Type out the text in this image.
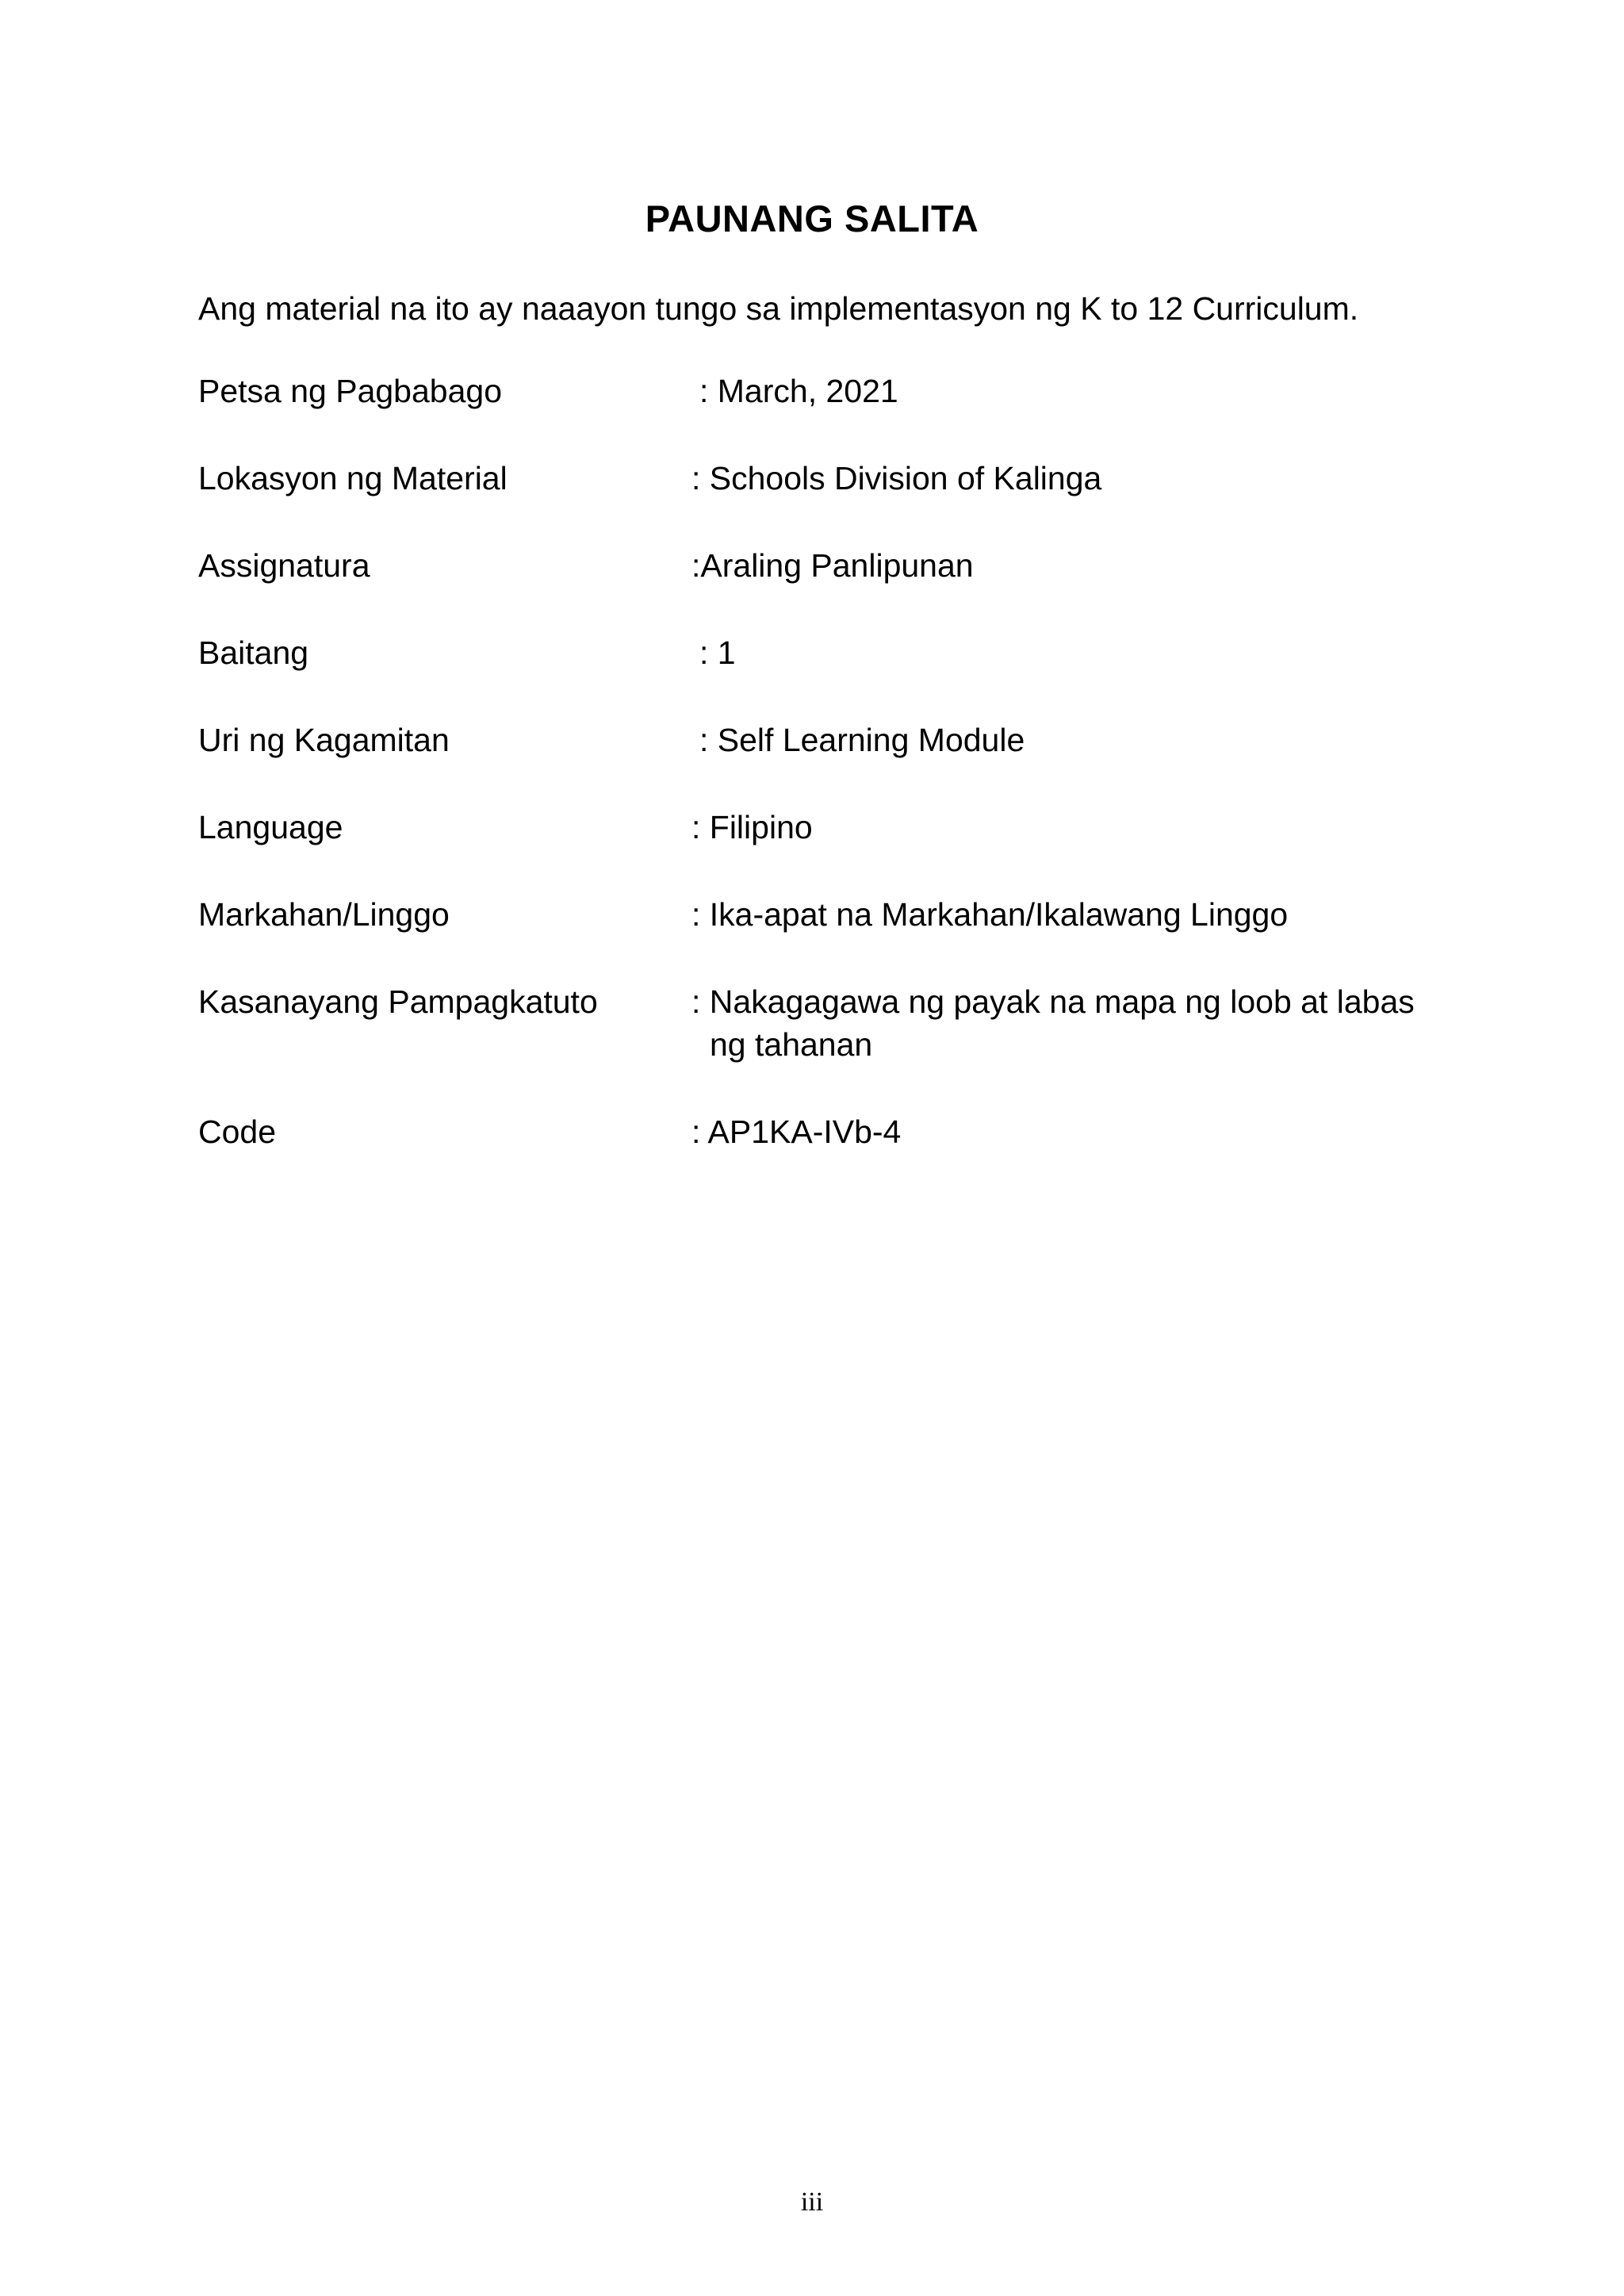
PAUNANG SALITA
Ang material na ito ay naaayon tungo sa implementasyon ng K to 12 Curriculum.
Petsa ng Pagbabago	: March, 2021
Lokasyon ng Material	: Schools Division of Kalinga
Assignatura	:Araling Panlipunan
Baitang	: 1
Uri ng Kagamitan	: Self Learning Module
Language	: Filipino
Markahan/Linggo	: Ika-apat na Markahan/Ikalawang Linggo
Kasanayang Pampagkatuto	: Nakagagawa ng payak na mapa ng loob at labas
ng tahanan
Code	: AP1KA-IVb-4
iii
